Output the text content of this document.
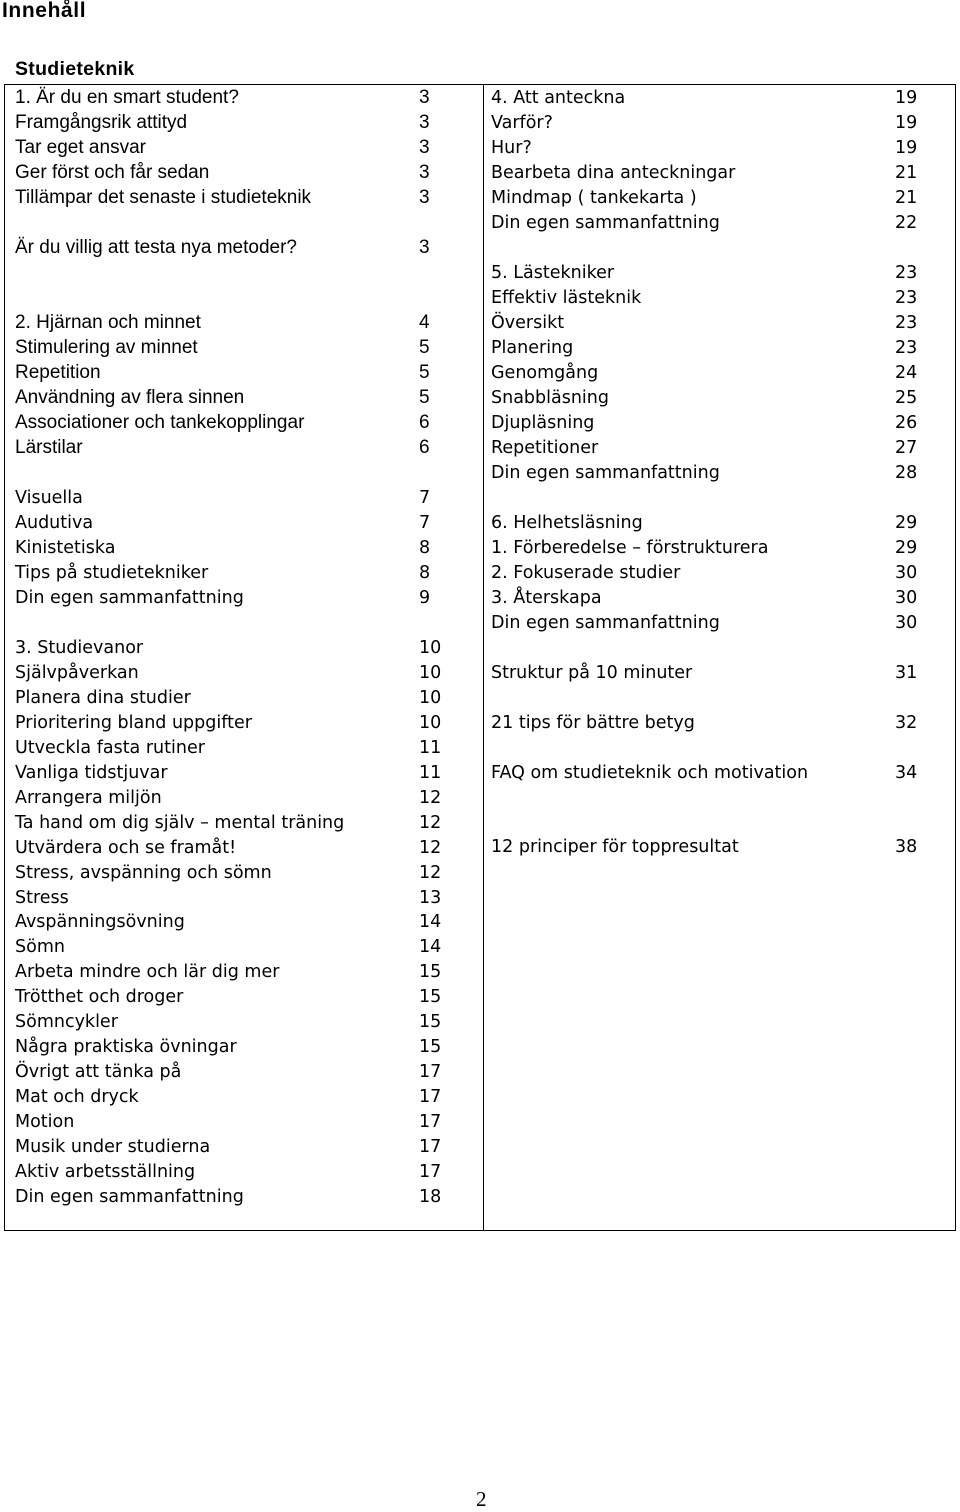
Innehåll
Studieteknik
1. Är du en smart student?	3
Framgångsrik attityd	3
Tar eget ansvar	3
Ger först och får sedan	3
Tillämpar det senaste i studieteknik	3
Är du villig att testa nya metoder?	3
2. Hjärnan och minnet	4
Stimulering av minnet	5
Repetition	5
Användning av flera sinnen	5
Associationer och tankekopplingar	6
Lärstilar	6
Visuella	7
Audutiva	7
Kinistetiska	8
Tips på studietekniker	8
Din egen sammanfattning	9
3. Studievanor	10
Självpåverkan	10
Planera dina studier	10
Prioritering bland uppgifter	10
Utveckla fasta rutiner	11
Vanliga tidstjuvar	11
Arrangera miljön	12
Ta hand om dig själv – mental träning	12
Utvärdera och se framåt!	12
Stress, avspänning och sömn	12
Stress	13
Avspänningsövning	14
Sömn	14
Arbeta mindre och lär dig mer	15
Trötthet och droger	15
Sömncykler	15
Några praktiska övningar	15
Övrigt att tänka på	17
Mat och dryck	17
Motion	17
Musik under studierna	17
Aktiv arbetsställning	17
Din egen sammanfattning	18
4. Att anteckna	19
Varför?	19
Hur?	19
Bearbeta dina anteckningar	21
Mindmap ( tankekarta )	21
Din egen sammanfattning	22
5. Lästekniker	23
Effektiv lästeknik	23
Översikt	23
Planering	23
Genomgång	24
Snabbläsning	25
Djupläsning	26
Repetitioner	27
Din egen sammanfattning	28
6. Helhetsläsning	29
1. Förberedelse – förstrukturera	29
2. Fokuserade studier	30
3. Återskapa	30
Din egen sammanfattning	30
Struktur på 10 minuter	31
21 tips för bättre betyg	32
FAQ om studieteknik och motivation	34
12 principer för toppresultat	38
2
